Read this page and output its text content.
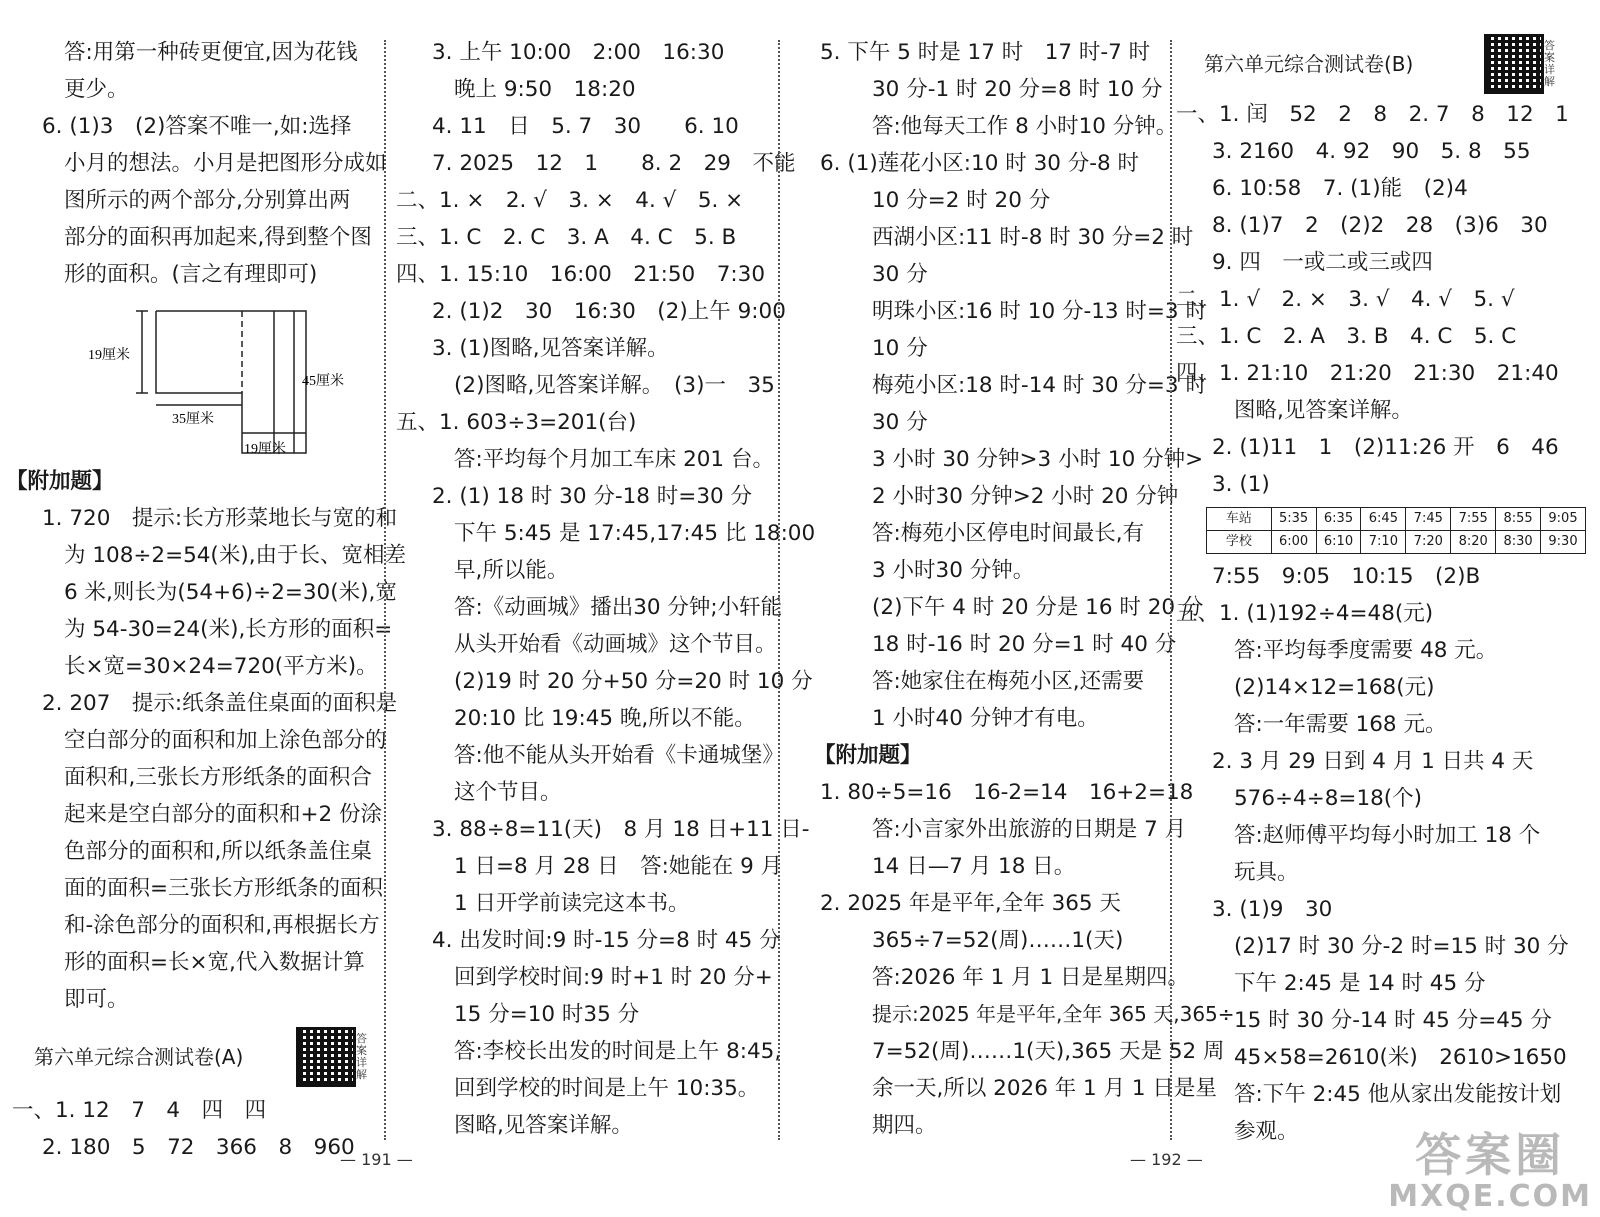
答:用第一种砖更便宜,因为花钱
更少。
6. (1)3　(2)答案不唯一,如:选择
小月的想法。小月是把图形分成如
图所示的两个部分,分别算出两
部分的面积再加起来,得到整个图
形的面积。(言之有理即可)
19厘米
35厘米
45厘米
19厘米
【附加题】
1. 720　提示:长方形菜地长与宽的和
为 108÷2=54(米),由于长、宽相差
6 米,则长为(54+6)÷2=30(米),宽
为 54-30=24(米),长方形的面积=
长×宽=30×24=720(平方米)。
2. 207　提示:纸条盖住桌面的面积是
空白部分的面积和加上涂色部分的
面积和,三张长方形纸条的面积合
起来是空白部分的面积和+2 份涂
色部分的面积和,所以纸条盖住桌
面的面积=三张长方形纸条的面积
和-涂色部分的面积和,再根据长方
形的面积=长×宽,代入数据计算
即可。
第六单元综合测试卷(A)
答案详解
一、1. 12　7　4　四　四
2. 180　5　72　366　8　960
3. 上午 10:00　2:00　16:30
晚上 9:50　18:20
4. 11　日　5. 7　30　　6. 10
7. 2025　12　1　　8. 2　29　不能
二、1. ×　2. √　3. ×　4. √　5. ×
三、1. C　2. C　3. A　4. C　5. B
四、1. 15:10　16:00　21:50　7:30
2. (1)2　30　16:30　(2)上午 9:00
3. (1)图略,见答案详解。
(2)图略,见答案详解。　(3)一　35
五、1. 603÷3=201(台)
答:平均每个月加工车床 201 台。
2. (1) 18 时 30 分-18 时=30 分
下午 5:45 是 17:45,17:45 比 18:00
早,所以能。
答:《动画城》播出30 分钟;小轩能
从头开始看《动画城》这个节目。
(2)19 时 20 分+50 分=20 时 10 分
20:10 比 19:45 晚,所以不能。
答:他不能从头开始看《卡通城堡》
这个节目。
3. 88÷8=11(天)　8 月 18 日+11 日-
1 日=8 月 28 日　答:她能在 9 月
1 日开学前读完这本书。
4. 出发时间:9 时-15 分=8 时 45 分
回到学校时间:9 时+1 时 20 分+
15 分=10 时35 分
答:李校长出发的时间是上午 8:45,
回到学校的时间是上午 10:35。
图略,见答案详解。
— 191 —
5. 下午 5 时是 17 时　17 时-7 时
30 分-1 时 20 分=8 时 10 分
答:他每天工作 8 小时10 分钟。
6. (1)莲花小区:10 时 30 分-8 时
10 分=2 时 20 分
西湖小区:11 时-8 时 30 分=2 时
30 分
明珠小区:16 时 10 分-13 时=3 时
10 分
梅苑小区:18 时-14 时 30 分=3 时
30 分
3 小时 30 分钟>3 小时 10 分钟>
2 小时30 分钟>2 小时 20 分钟
答:梅苑小区停电时间最长,有
3 小时30 分钟。
(2)下午 4 时 20 分是 16 时 20 分
18 时-16 时 20 分=1 时 40 分
答:她家住在梅苑小区,还需要
1 小时40 分钟才有电。
【附加题】
1. 80÷5=16　16-2=14　16+2=18
答:小言家外出旅游的日期是 7 月
14 日—7 月 18 日。
2. 2025 年是平年,全年 365 天
365÷7=52(周)……1(天)
答:2026 年 1 月 1 日是星期四。
提示:2025 年是平年,全年 365 天,365÷
7=52(周)……1(天),365 天是 52 周
余一天,所以 2026 年 1 月 1 日是星
期四。
第六单元综合测试卷(B)
答案详解
一、1. 闰　52　2　8　2. 7　8　12　1
3. 2160　4. 92　90　5. 8　55
6. 10:58　7. (1)能　(2)4
8. (1)7　2　(2)2　28　(3)6　30
9. 四　一或二或三或四
二、1. √　2. ×　3. √　4. √　5. √
三、1. C　2. A　3. B　4. C　5. C
四、1. 21:10　21:20　21:30　21:40
图略,见答案详解。
2. (1)11　1　(2)11:26 开　6　46
3. (1)
车站	5:35	6:35	6:45	7:45	7:55	8:55	9:05
学校	6:00	6:10	7:10	7:20	8:20	8:30	9:30
7:55　9:05　10:15　(2)B
五、1. (1)192÷4=48(元)
答:平均每季度需要 48 元。
(2)14×12=168(元)
答:一年需要 168 元。
2. 3 月 29 日到 4 月 1 日共 4 天
576÷4÷8=18(个)
答:赵师傅平均每小时加工 18 个
玩具。
3. (1)9　30
(2)17 时 30 分-2 时=15 时 30 分
下午 2:45 是 14 时 45 分
15 时 30 分-14 时 45 分=45 分
45×58=2610(米)　2610>1650
答:下午 2:45 他从家出发能按计划
参观。
— 192 —	答案圈
MXQE.COM
